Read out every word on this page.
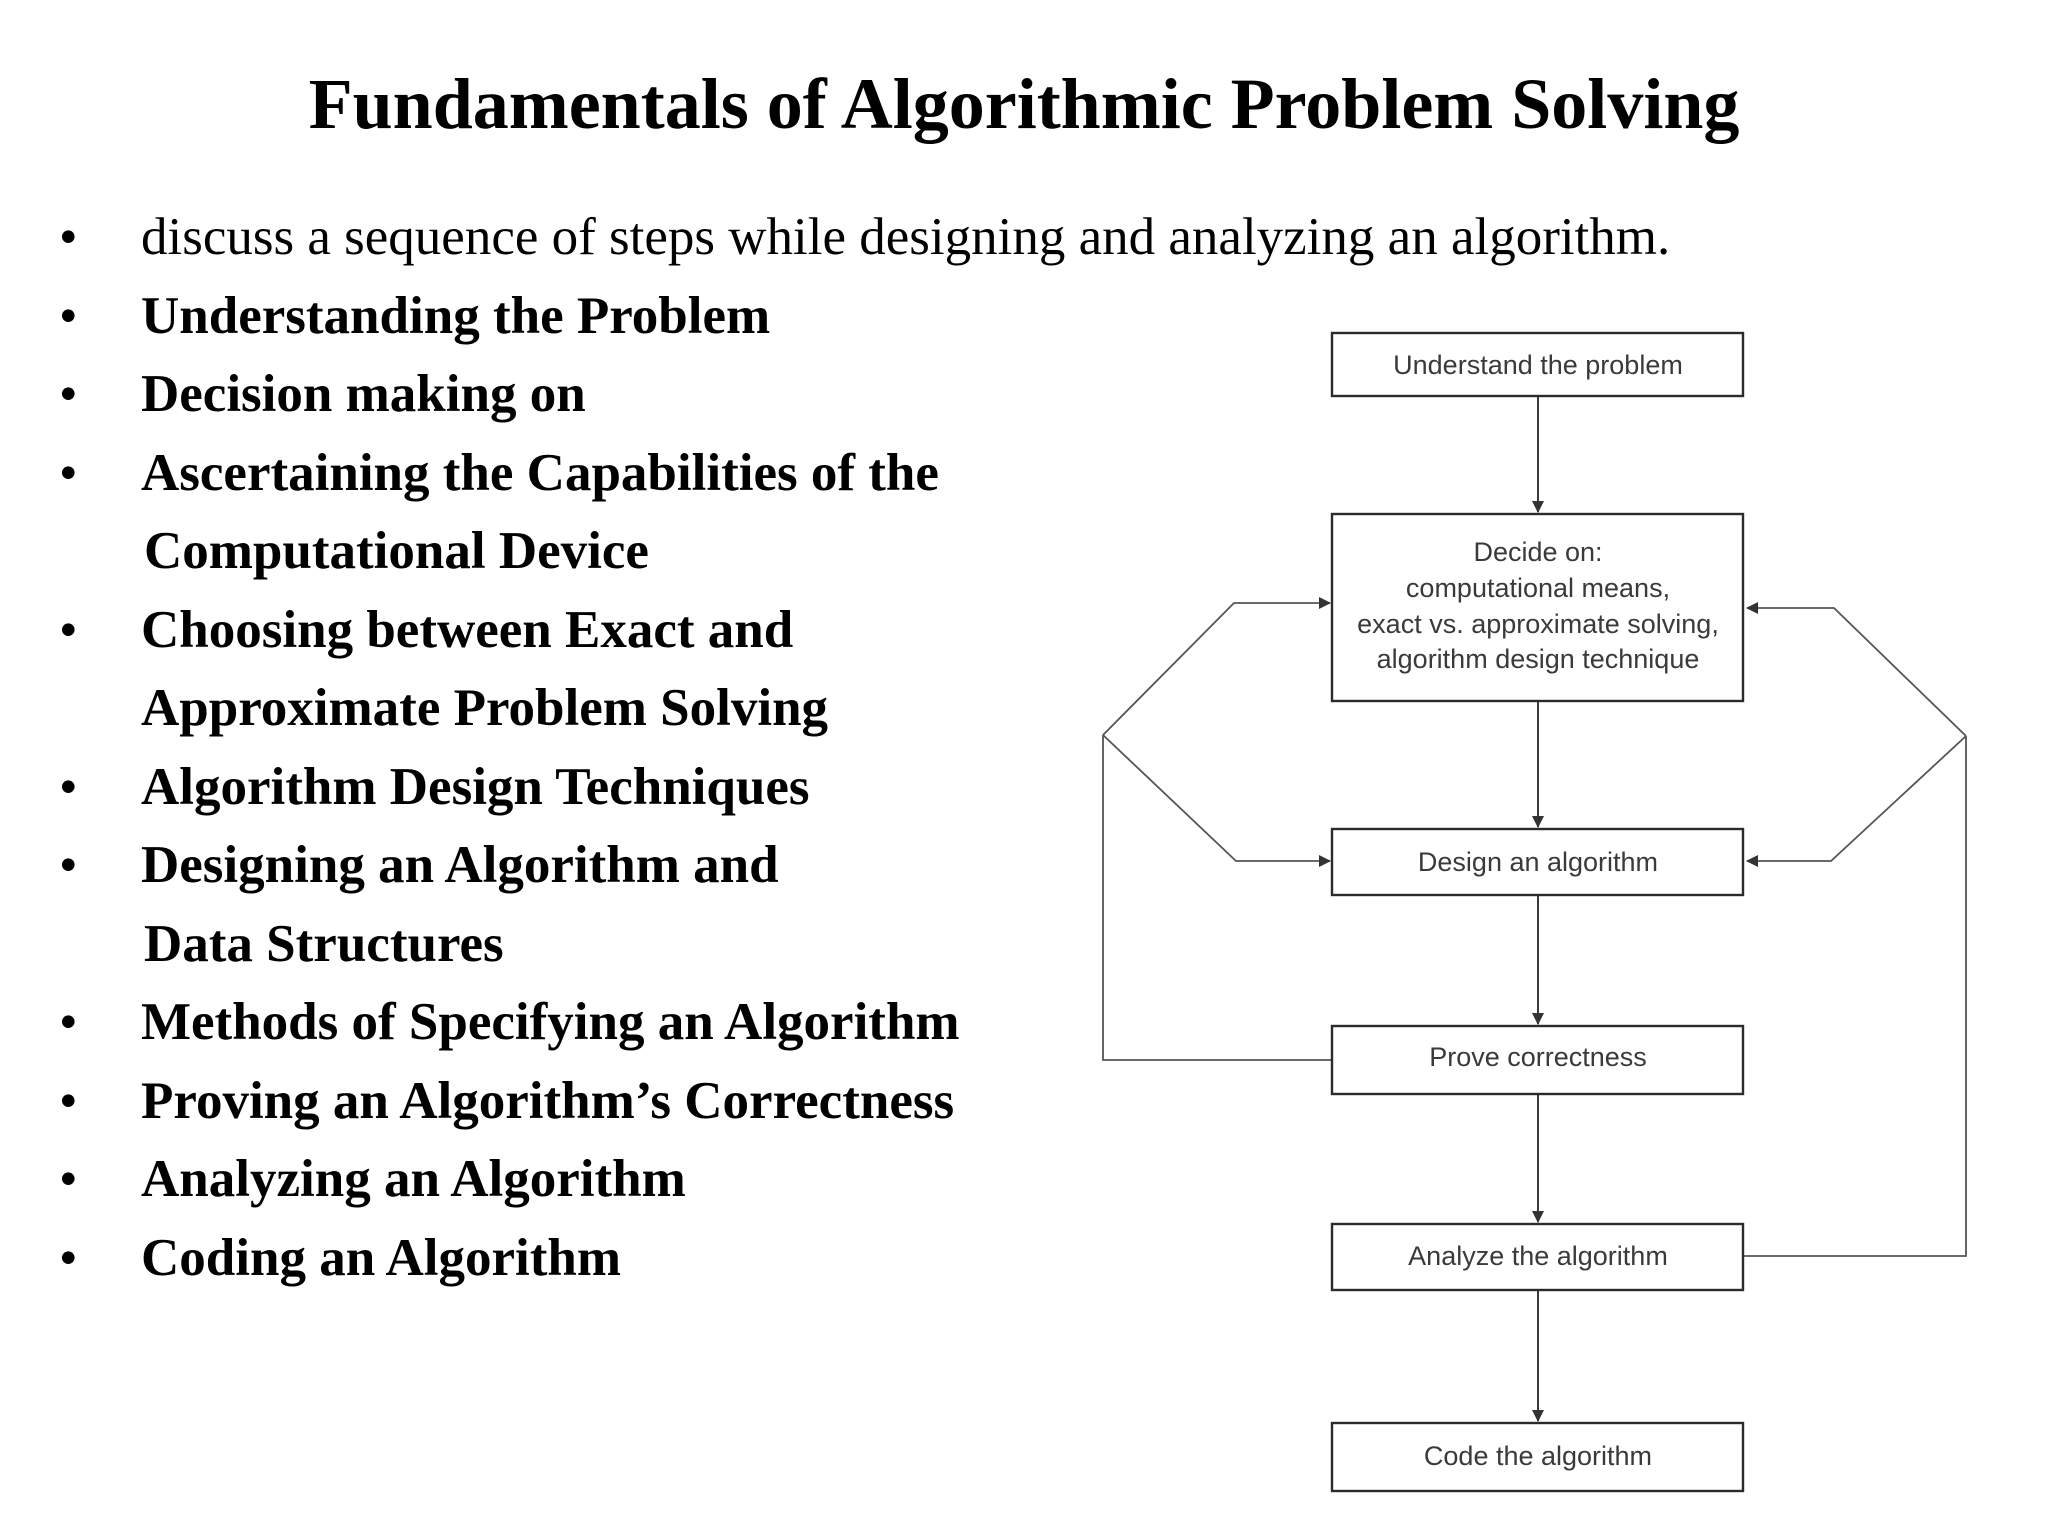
Fundamentals of Algorithmic Problem Solving
• discuss a sequence of steps while designing and analyzing an algorithm.
• Understanding the Problem
• Decision making on
• Ascertaining the Capabilities of the
Computational Device
• Choosing between Exact and
Approximate Problem Solving
• Algorithm Design Techniques
• Designing an Algorithm and
Data Structures
• Methods of Specifying an Algorithm
• Proving an Algorithm’s Correctness
• Analyzing an Algorithm
• Coding an Algorithm
Understand the problem
Decide on:
computational means,
exact vs. approximate solving,
algorithm design technique
Design an algorithm
Prove correctness
Analyze the algorithm
Code the algorithm
